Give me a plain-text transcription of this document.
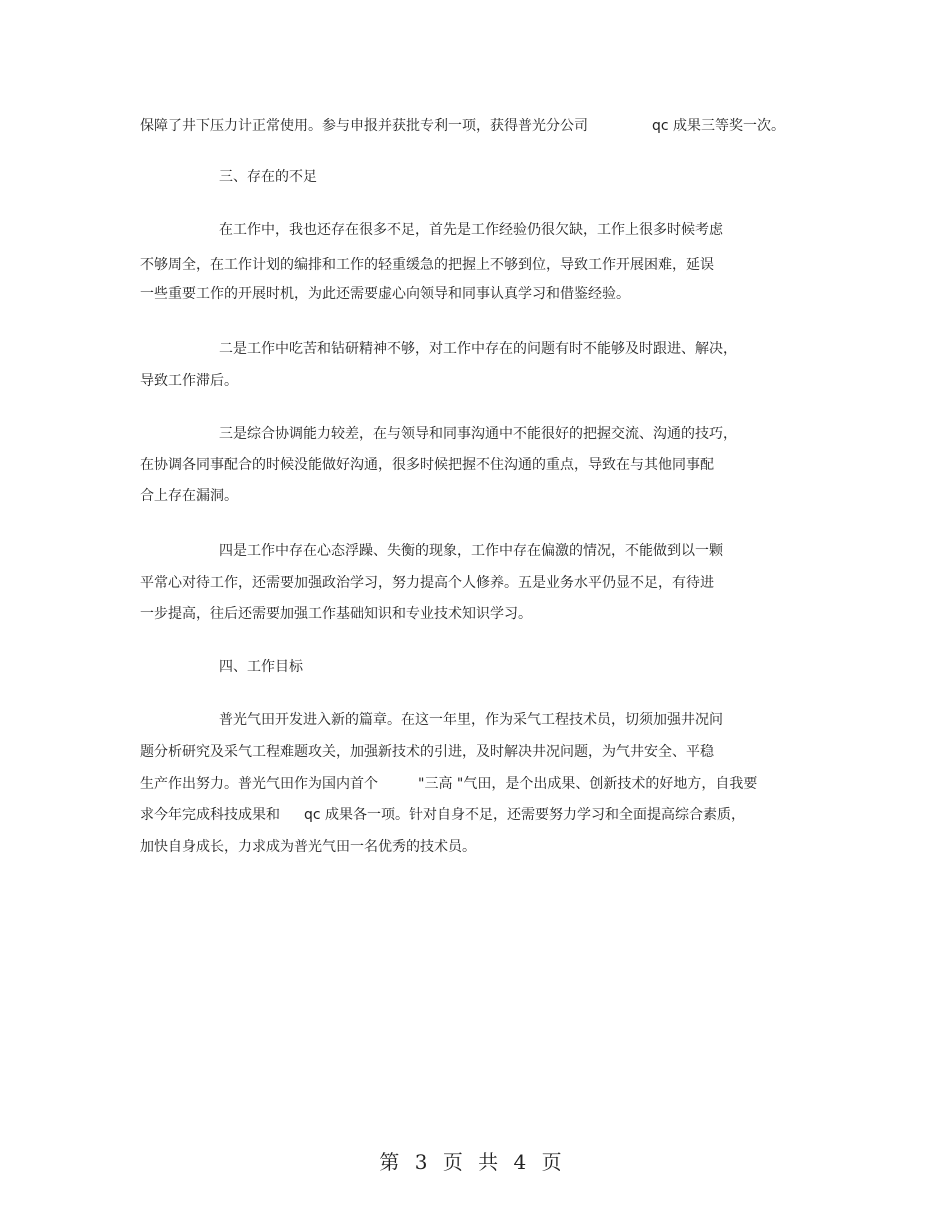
保障了井下压力计正常使用。参与申报并获批专利一项，获得普光分公司	qc 成果三等奖一次。
三、存在的不足
在工作中，我也还存在很多不足，首先是工作经验仍很欠缺，工作上很多时候考虑
不够周全，在工作计划的编排和工作的轻重缓急的把握上不够到位，导致工作开展困难，延误
一些重要工作的开展时机，为此还需要虚心向领导和同事认真学习和借鉴经验。
二是工作中吃苦和钻研精神不够，对工作中存在的问题有时不能够及时跟进、解决，
导致工作滞后。
三是综合协调能力较差，在与领导和同事沟通中不能很好的把握交流、沟通的技巧，
在协调各同事配合的时候没能做好沟通，很多时候把握不住沟通的重点，导致在与其他同事配
合上存在漏洞。
四是工作中存在心态浮躁、失衡的现象，工作中存在偏激的情况，不能做到以一颗
平常心对待工作，还需要加强政治学习，努力提高个人修养。五是业务水平仍显不足，有待进
一步提高，往后还需要加强工作基础知识和专业技术知识学习。
四、工作目标
普光气田开发进入新的篇章。在这一年里，作为采气工程技术员，切须加强井况问
题分析研究及采气工程难题攻关，加强新技术的引进，及时解决井况问题，为气井安全、平稳
生产作出努力。普光气田作为国内首个	"三高 "气田，是个出成果、创新技术的好地方，自我要
求今年完成科技成果和 qc 成果各一项。针对自身不足，还需要努力学习和全面提高综合素质，
加快自身成长，力求成为普光气田一名优秀的技术员。
第 3 页 共 4 页
